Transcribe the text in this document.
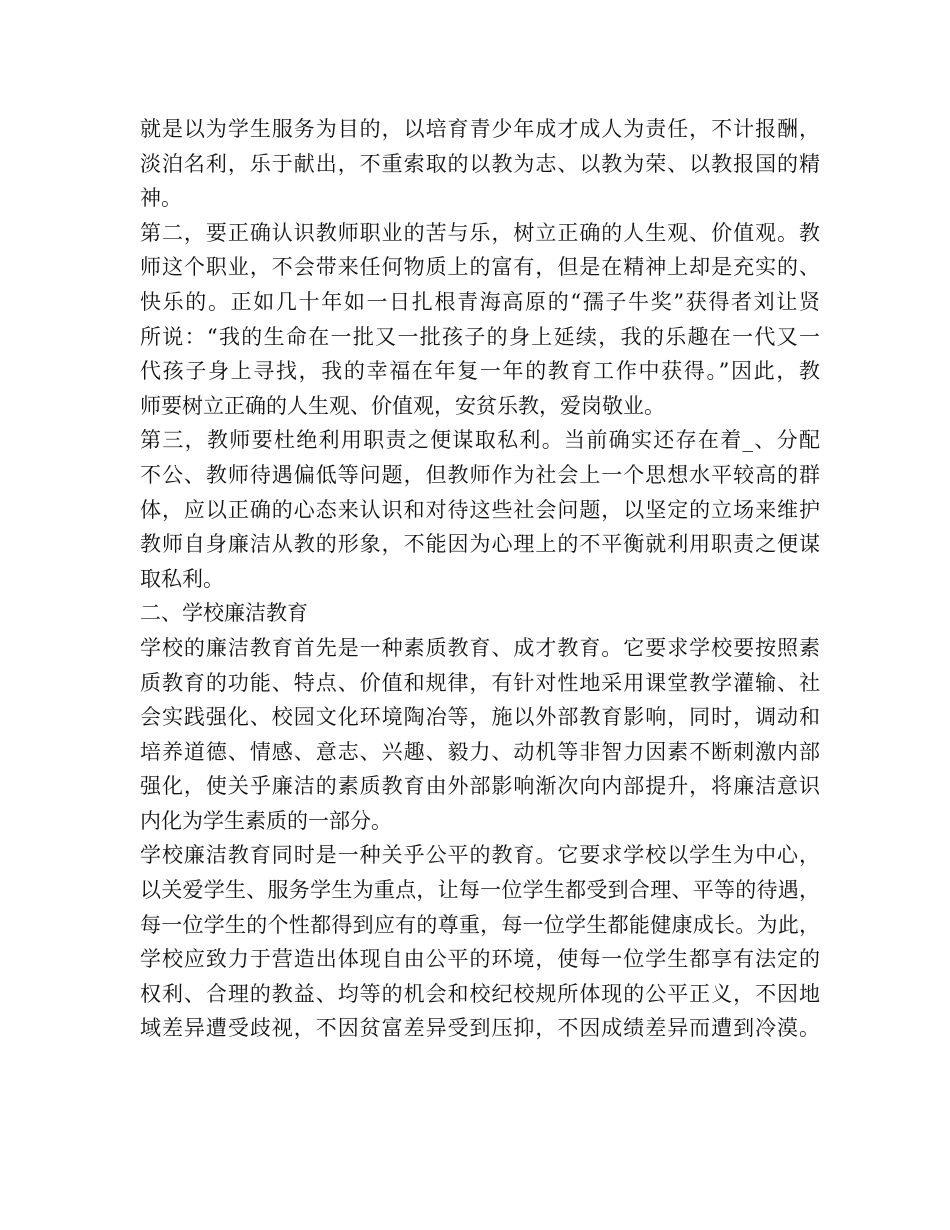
就是以为学生服务为目的，以培育青少年成才成人为责任，不计报酬，
淡泊名利，乐于献出，不重索取的以教为志、以教为荣、以教报国的精
神。
第二，要正确认识教师职业的苦与乐，树立正确的人生观、价值观。教
师这个职业，不会带来任何物质上的富有，但是在精神上却是充实的、
快乐的。正如几十年如一日扎根青海高原的“孺子牛奖”获得者刘让贤
所说：“我的生命在一批又一批孩子的身上延续，我的乐趣在一代又一
代孩子身上寻找，我的幸福在年复一年的教育工作中获得。”因此，教
师要树立正确的人生观、价值观，安贫乐教，爱岗敬业。
第三，教师要杜绝利用职责之便谋取私利。当前确实还存在着_、分配
不公、教师待遇偏低等问题，但教师作为社会上一个思想水平较高的群
体，应以正确的心态来认识和对待这些社会问题，以坚定的立场来维护
教师自身廉洁从教的形象，不能因为心理上的不平衡就利用职责之便谋
取私利。
二、学校廉洁教育
学校的廉洁教育首先是一种素质教育、成才教育。它要求学校要按照素
质教育的功能、特点、价值和规律，有针对性地采用课堂教学灌输、社
会实践强化、校园文化环境陶冶等，施以外部教育影响，同时，调动和
培养道德、情感、意志、兴趣、毅力、动机等非智力因素不断刺激内部
强化，使关乎廉洁的素质教育由外部影响渐次向内部提升，将廉洁意识
内化为学生素质的一部分。
学校廉洁教育同时是一种关乎公平的教育。它要求学校以学生为中心，
以关爱学生、服务学生为重点，让每一位学生都受到合理、平等的待遇，
每一位学生的个性都得到应有的尊重，每一位学生都能健康成长。为此，
学校应致力于营造出体现自由公平的环境，使每一位学生都享有法定的
权利、合理的教益、均等的机会和校纪校规所体现的公平正义，不因地
域差异遭受歧视，不因贫富差异受到压抑，不因成绩差异而遭到冷漠。
